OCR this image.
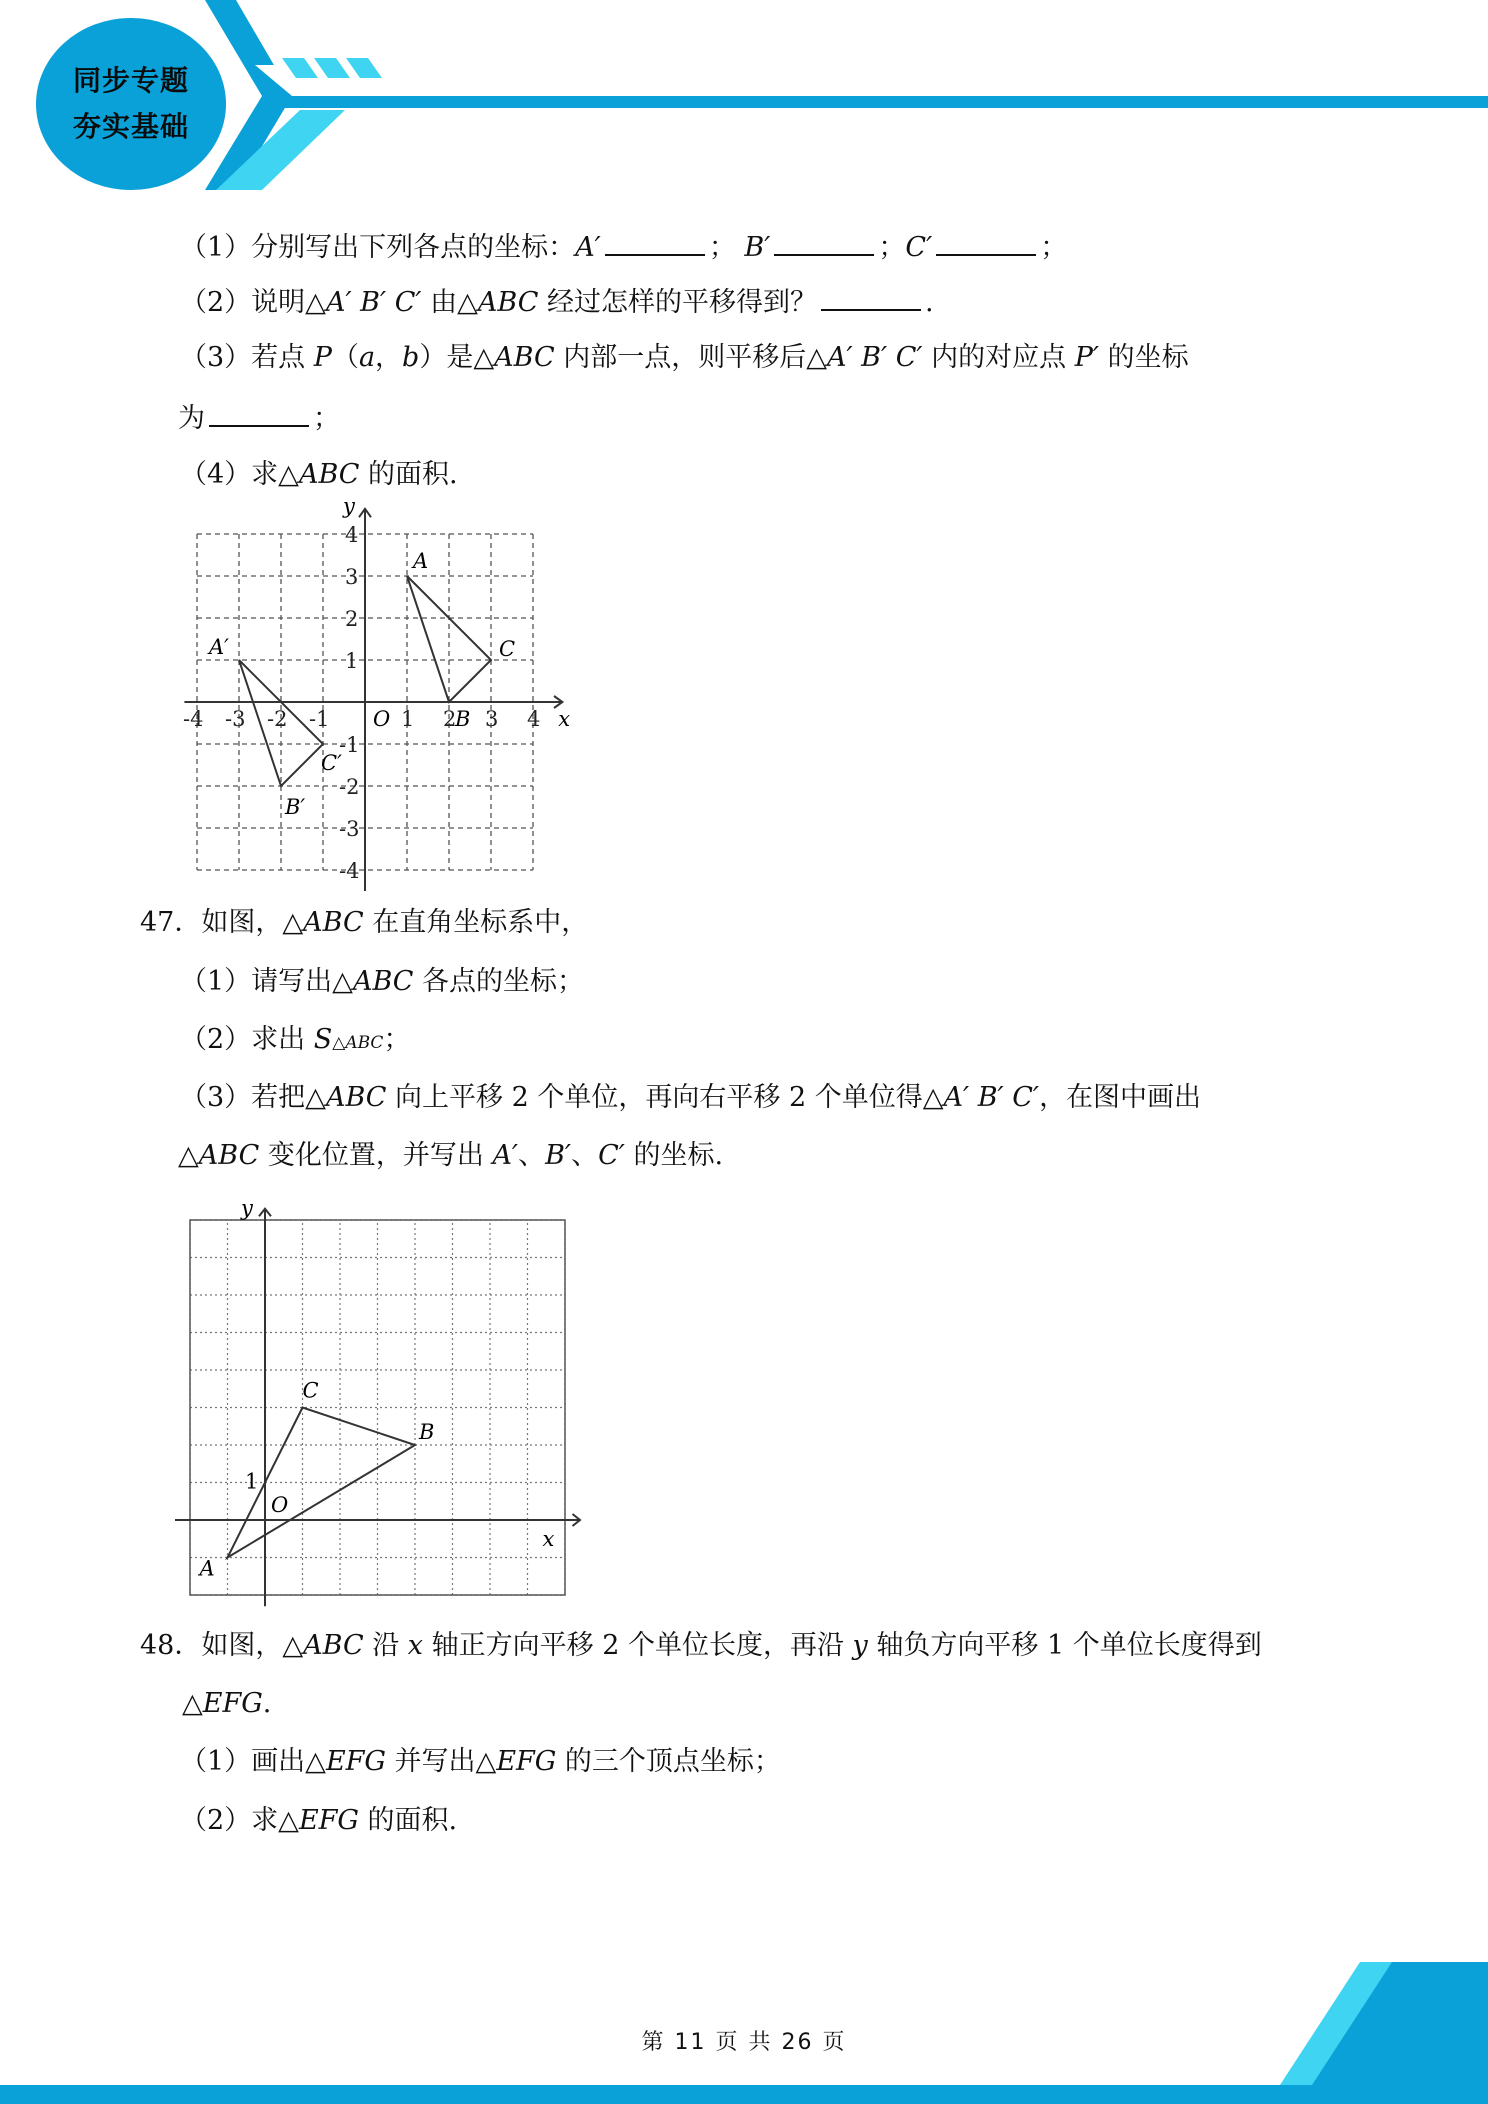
同步专题
夯实基础
（1）分别写出下列各点的坐标：A′	； B′	；C′	；
（2）说明△A′ B′ C′ 由△ABC 经过怎样的平移得到？	.
（3）若点 P（a，b）是△ABC 内部一点，则平移后△A′ B′ C′ 内的对应点 P′ 的坐标
为	；
（4）求△ABC 的面积.
-4 -3 -2 -1	1 2 3 4
4
3
2
1
-1
-2
-3
-4
O	x
y
A
B
C
A′
B′
C′
47．如图，△ABC 在直角坐标系中，
（1）请写出△ABC 各点的坐标；
（2）求出 S△ABC；
（3）若把△ABC 向上平移 2 个单位，再向右平移 2 个单位得△A′ B′ C′，在图中画出
△ABC 变化位置，并写出 A′、B′、C′ 的坐标.
y
x
O
1
A
B
C
48．如图，△ABC 沿 x 轴正方向平移 2 个单位长度，再沿 y 轴负方向平移 1 个单位长度得到
△EFG.
（1）画出△EFG 并写出△EFG 的三个顶点坐标；
（2）求△EFG 的面积.
第 11 页 共 26 页
